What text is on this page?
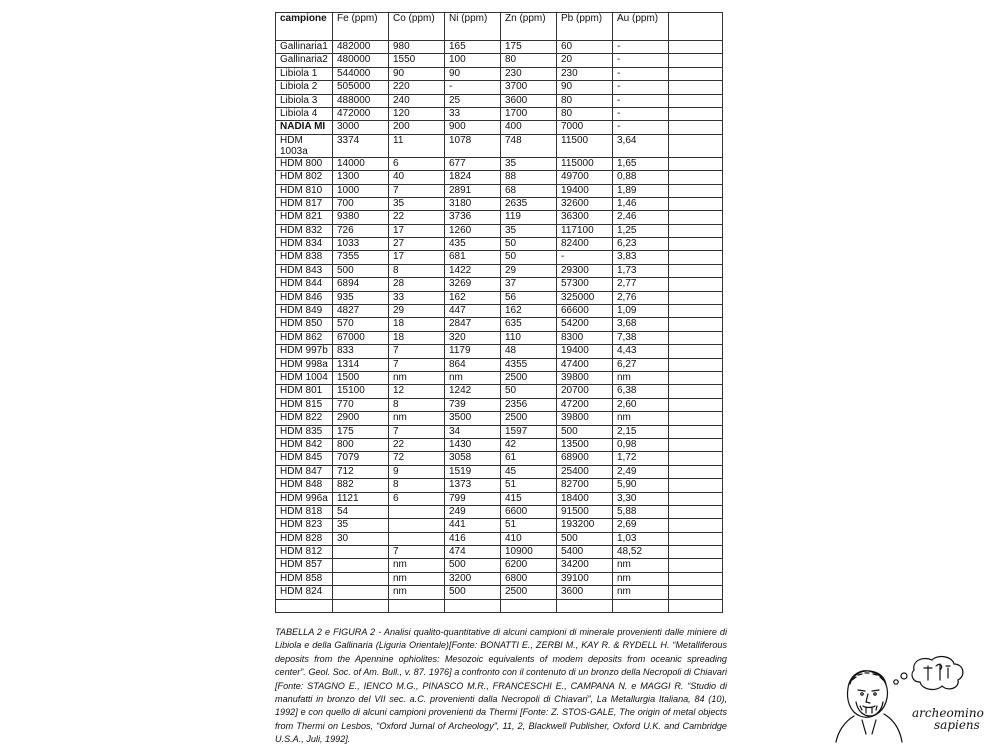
campione	Fe (ppm)	Co (ppm)	Ni (ppm)	Zn (ppm)	Pb (ppm)	Au (ppm)	
Gallinaria1	482000	980	165	175	60	-	
Gallinaria2	480000	1550	100	80	20	-	
Libiola 1	544000	90	90	230	230	-	
Libiola 2	505000	220	-	3700	90	-	
Libiola 3	488000	240	25	3600	80	-	
Libiola 4	472000	120	33	1700	80	-	
NADIA MI	3000	200	900	400	7000	-	
HDM 1003a	3374	11	1078	748	11500	3,64	
HDM 800	14000	6	677	35	115000	1,65	
HDM 802	1300	40	1824	88	49700	0,88	
HDM 810	1000	7	2891	68	19400	1,89	
HDM 817	700	35	3180	2635	32600	1,46	
HDM 821	9380	22	3736	119	36300	2,46	
HDM 832	726	17	1260	35	117100	1,25	
HDM 834	1033	27	435	50	82400	6,23	
HDM 838	7355	17	681	50	-	3,83	
HDM 843	500	8	1422	29	29300	1,73	
HDM 844	6894	28	3269	37	57300	2,77	
HDM 846	935	33	162	56	325000	2,76	
HDM 849	4827	29	447	162	66600	1,09	
HDM 850	570	18	2847	635	54200	3,68	
HDM 862	67000	18	320	110	8300	7,38	
HDM 997b	833	7	1179	48	19400	4,43	
HDM 998a	1314	7	864	4355	47400	6,27	
HDM 1004	1500	nm	nm	2500	39800	nm	
HDM 801	15100	12	1242	50	20700	6,38	
HDM 815	770	8	739	2356	47200	2,60	
HDM 822	2900	nm	3500	2500	39800	nm	
HDM 835	175	7	34	1597	500	2,15	
HDM 842	800	22	1430	42	13500	0,98	
HDM 845	7079	72	3058	61	68900	1,72	
HDM 847	712	9	1519	45	25400	2,49	
HDM 848	882	8	1373	51	82700	5,90	
HDM 996a	1121	6	799	415	18400	3,30	
HDM 818	54		249	6600	91500	5,88	
HDM 823	35		441	51	193200	2,69	
HDM 828	30		416	410	500	1,03	
HDM 812		7	474	10900	5400	48,52	
HDM 857		nm	500	6200	34200	nm	
HDM 858		nm	3200	6800	39100	nm	
HDM 824		nm	500	2500	3600	nm	

TABELLA 2 e FIGURA 2 - Analisi qualito-quantitative di alcuni campioni di minerale provenienti dalle miniere di Libiola e della Gallinaria (Liguria Orientale)[Fonte: BONATTI E., ZERBI M., KAY R. & RYDELL H. “Metalliferous deposits from the Apennine ophiolites: Mesozoic equivalents of modem deposits from oceanic spreading center”. Geol. Soc. of Am. Bull., v. 87. 1976] a confronto con il contenuto di un bronzo della Necropoli di Chiavari [Fonte: STAGNO E., IENCO M.G., PINASCO M.R., FRANCESCHI E., CAMPANA N. e MAGGI R. “Studio di manufatti in bronzo del VII sec. a.C. provenienti dalla Necropoli di Chiavari”, La Metallurgia Italiana, 84 (10), 1992] e con quello di alcuni campioni provenienti da Thermi [Fonte: Z. STOS-GALE, The origin of metal objects from Thermi on Lesbos, “Oxford Jurnal of Archeology”, 11, 2, Blackwell Publisher, Oxford U.K. and Cambridge U.S.A., Juli, 1992].
archeomino
sapiens
